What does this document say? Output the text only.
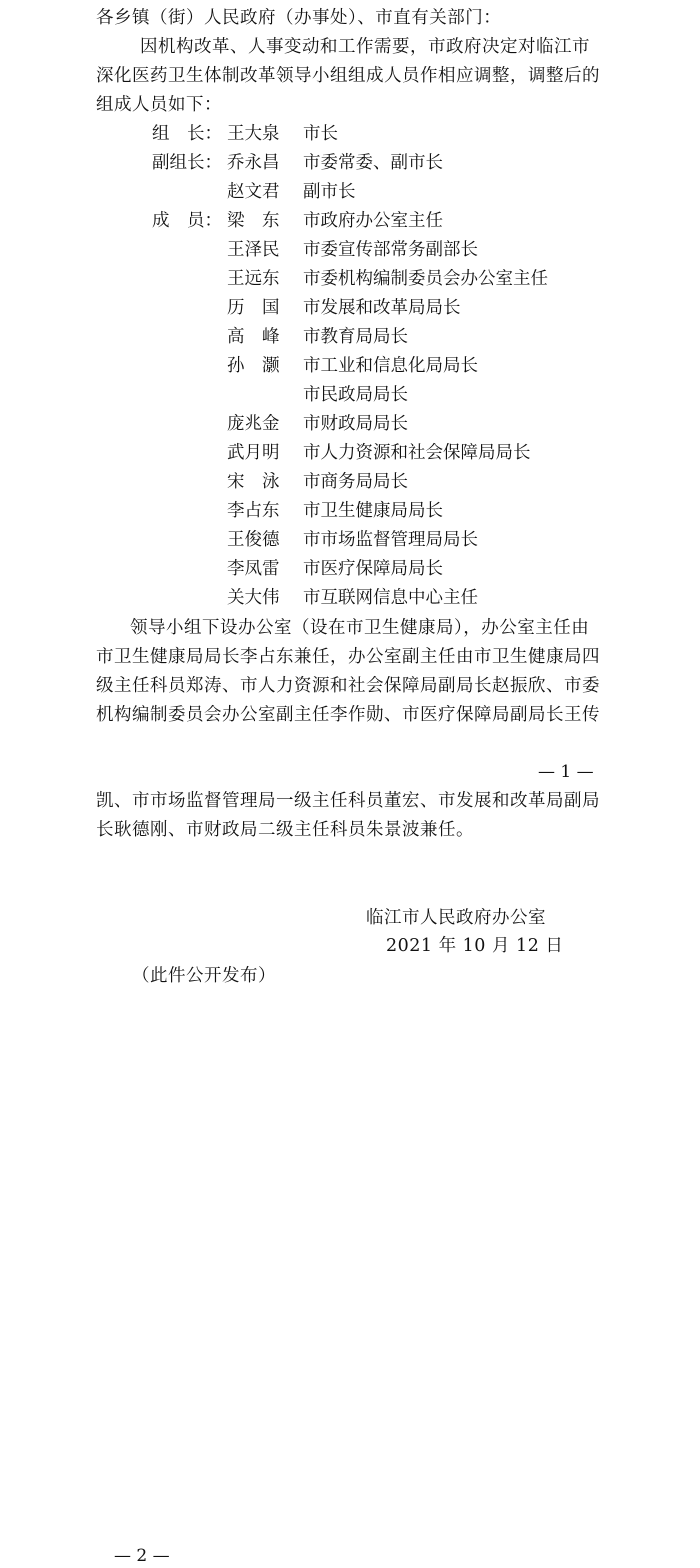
各乡镇（街）人民政府（办事处）、市直有关部门：
因机构改革、人事变动和工作需要，市政府决定对临江市
深化医药卫生体制改革领导小组组成人员作相应调整，调整后的
组成人员如下：
组　长： 王大泉 市长
副组长： 乔永昌 市委常委、副市长
赵文君 副市长
成　员： 梁　东 市政府办公室主任
王泽民 市委宣传部常务副部长
王远东 市委机构编制委员会办公室主任
历　国 市发展和改革局局长
高　峰 市教育局局长
孙　灏 市工业和信息化局局长
市民政局局长
庞兆金 市财政局局长
武月明 市人力资源和社会保障局局长
宋　泳 市商务局局长
李占东 市卫生健康局局长
王俊德 市市场监督管理局局长
李凤雷 市医疗保障局局长
关大伟 市互联网信息中心主任
领导小组下设办公室（设在市卫生健康局），办公室主任由
市卫生健康局局长李占东兼任，办公室副主任由市卫生健康局四
级主任科员郑涛、市人力资源和社会保障局副局长赵振欣、市委
机构编制委员会办公室副主任李作勋、市医疗保障局副局长王传
— 1 —
凯、市市场监督管理局一级主任科员董宏、市发展和改革局副局
长耿德刚、市财政局二级主任科员朱景波兼任。
临江市人民政府办公室
2021 年 10 月 12 日
（此件公开发布）
— 2 —
